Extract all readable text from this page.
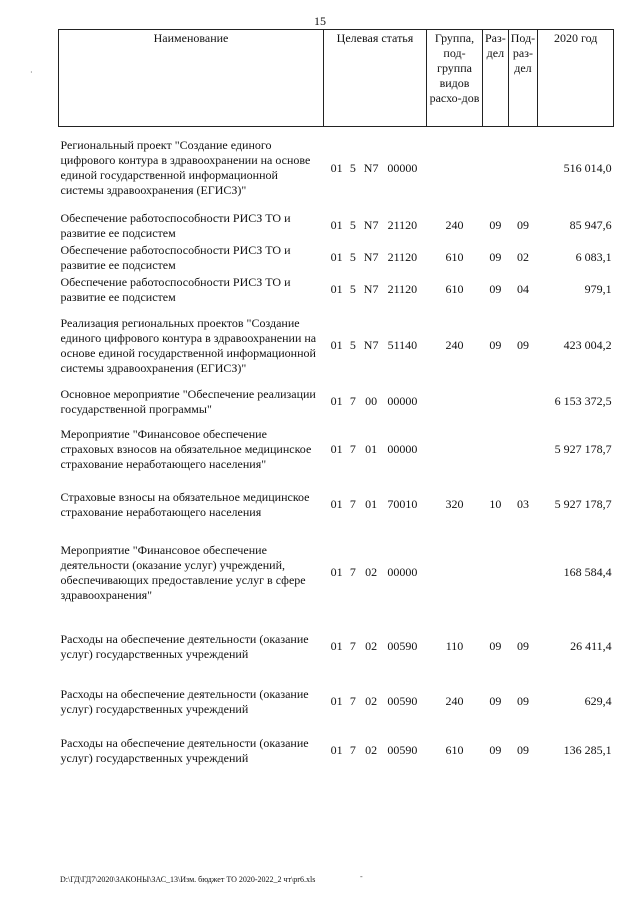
15
Наименование	Целевая статья	Группа, под-группа видов расхо-дов	Раз-дел	Под-раз-дел	2020 год
Региональный проект "Создание единого цифрового контура в здравоохранении на основе единой государственной информационной системы здравоохранения (ЕГИСЗ)"	01 5 N7 00000				516 014,0
Обеспечение работоспособности РИСЗ ТО и развитие ее подсистем	01 5 N7 21120	240	09	09	85 947,6
Обеспечение работоспособности РИСЗ ТО и развитие ее подсистем	01 5 N7 21120	610	09	02	6 083,1
Обеспечение работоспособности РИСЗ ТО и развитие ее подсистем	01 5 N7 21120	610	09	04	979,1
Реализация региональных проектов "Создание единого цифрового контура в здравоохранении на основе единой государственной информационной системы здравоохранения (ЕГИСЗ)"	01 5 N7 51140	240	09	09	423 004,2
Основное мероприятие "Обеспечение реализации государственной программы"	01 7 00 00000				6 153 372,5
Мероприятие "Финансовое обеспечение страховых взносов на обязательное медицинское страхование неработающего населения"	01 7 01 00000				5 927 178,7
Страховые взносы на обязательное медицинское страхование неработающего населения	01 7 01 70010	320	10	03	5 927 178,7
Мероприятие "Финансовое обеспечение деятельности (оказание услуг) учреждений, обеспечивающих предоставление услуг в сфере здравоохранения"	01 7 02 00000				168 584,4
Расходы на обеспечение деятельности (оказание услуг) государственных учреждений	01 7 02 00590	110	09	09	26 411,4
Расходы на обеспечение деятельности (оказание услуг) государственных учреждений	01 7 02 00590	240	09	09	629,4
Расходы на обеспечение деятельности (оказание услуг) государственных учреждений	01 7 02 00590	610	09	09	136 285,1
D:\ГД\ГД7\2020\ЗАКОНЫ\ЗАС_13\Изм. бюджет ТО 2020-2022_2 чт\pr6.xls
·
-
